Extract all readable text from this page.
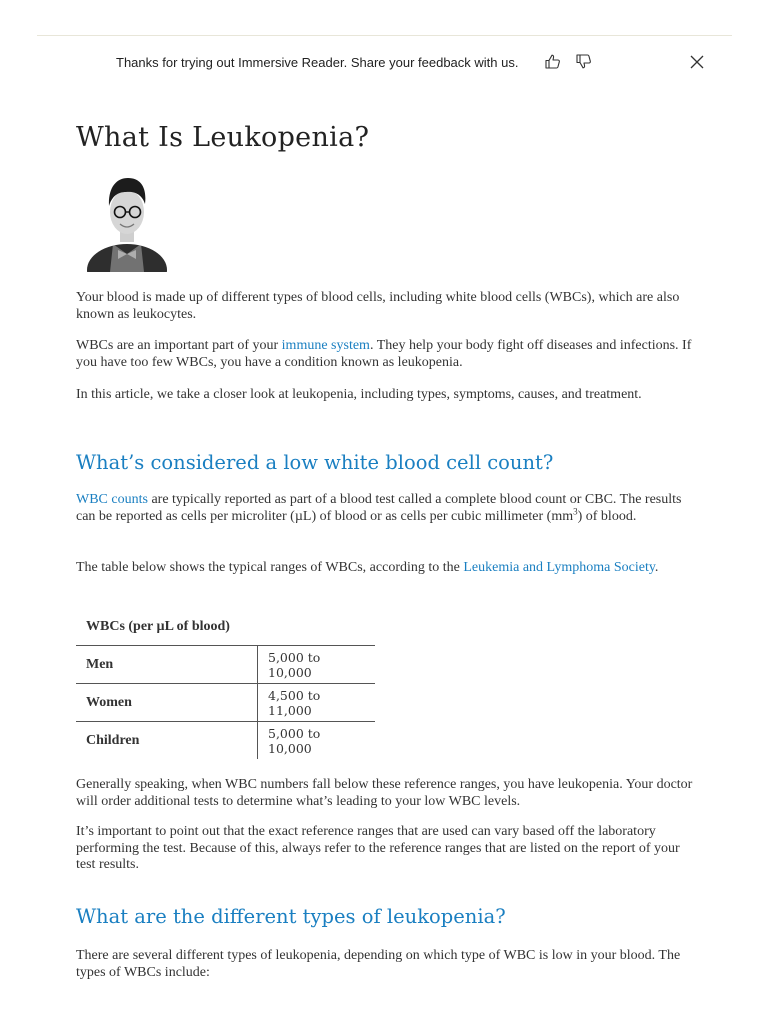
Thanks for trying out Immersive Reader. Share your feedback with us.
What Is Leukopenia?

Your blood is made up of different types of blood cells, including white blood cells (WBCs), which are also known as leukocytes.

WBCs are an important part of your immune system. They help your body fight off diseases and infections. If you have too few WBCs, you have a condition known as leukopenia.

In this article, we take a closer look at leukopenia, including types, symptoms, causes, and treatment.

What’s considered a low white blood cell count?

WBC counts are typically reported as part of a blood test called a complete blood count or CBC. The results can be reported as cells per microliter (µL) of blood or as cells per cubic millimeter $(mm^3)$ of blood.

The table below shows the typical ranges of WBCs, according to the Leukemia and Lymphoma Society.

WBCs (per µL of blood)	
Men	5,000 to 10,000
Women	4,500 to 11,000
Children	5,000 to 10,000

Generally speaking, when WBC numbers fall below these reference ranges, you have leukopenia. Your doctor will order additional tests to determine what’s leading to your low WBC levels.

It’s important to point out that the exact reference ranges that are used can vary based off the laboratory performing the test. Because of this, always refer to the reference ranges that are listed on the report of your test results.

What are the different types of leukopenia?

There are several different types of leukopenia, depending on which type of WBC is low in your blood. The types of WBCs include:
